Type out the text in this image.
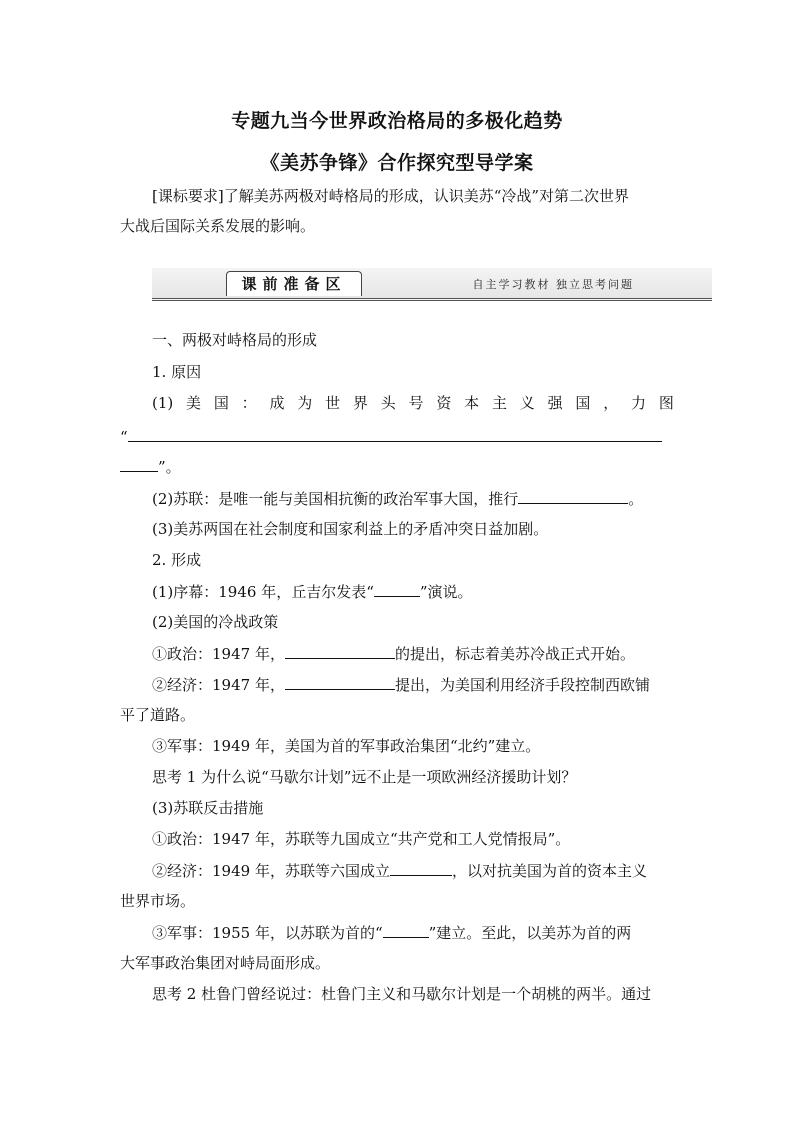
专题九当今世界政治格局的多极化趋势
《美苏争锋》合作探究型导学案
[课标要求]了解美苏两极对峙格局的形成，认识美苏“冷战”对第二次世界
大战后国际关系发展的影响。
课前准备区	自主学习教材 独立思考问题
一、两极对峙格局的形成
1. 原因
(1) 美 国 ： 成 为 世 界 头 号 资 本 主 义 强 国 ， 力 图
“
”。
(2)苏联：是唯一能与美国相抗衡的政治军事大国，推行	。
(3)美苏两国在社会制度和国家利益上的矛盾冲突日益加剧。
2. 形成
(1)序幕：1946 年，丘吉尔发表“	”演说。
(2)美国的冷战政策
①政治：1947 年，	的提出，标志着美苏冷战正式开始。
②经济：1947 年，	提出，为美国利用经济手段控制西欧铺
平了道路。
③军事：1949 年，美国为首的军事政治集团“北约”建立。
思考 1 为什么说“马歇尔计划”远不止是一项欧洲经济援助计划？
(3)苏联反击措施
①政治：1947 年，苏联等九国成立“共产党和工人党情报局”。
②经济：1949 年，苏联等六国成立	，以对抗美国为首的资本主义
世界市场。
③军事：1955 年，以苏联为首的“	”建立。至此，以美苏为首的两
大军事政治集团对峙局面形成。
思考 2 杜鲁门曾经说过：杜鲁门主义和马歇尔计划是一个胡桃的两半。通过
